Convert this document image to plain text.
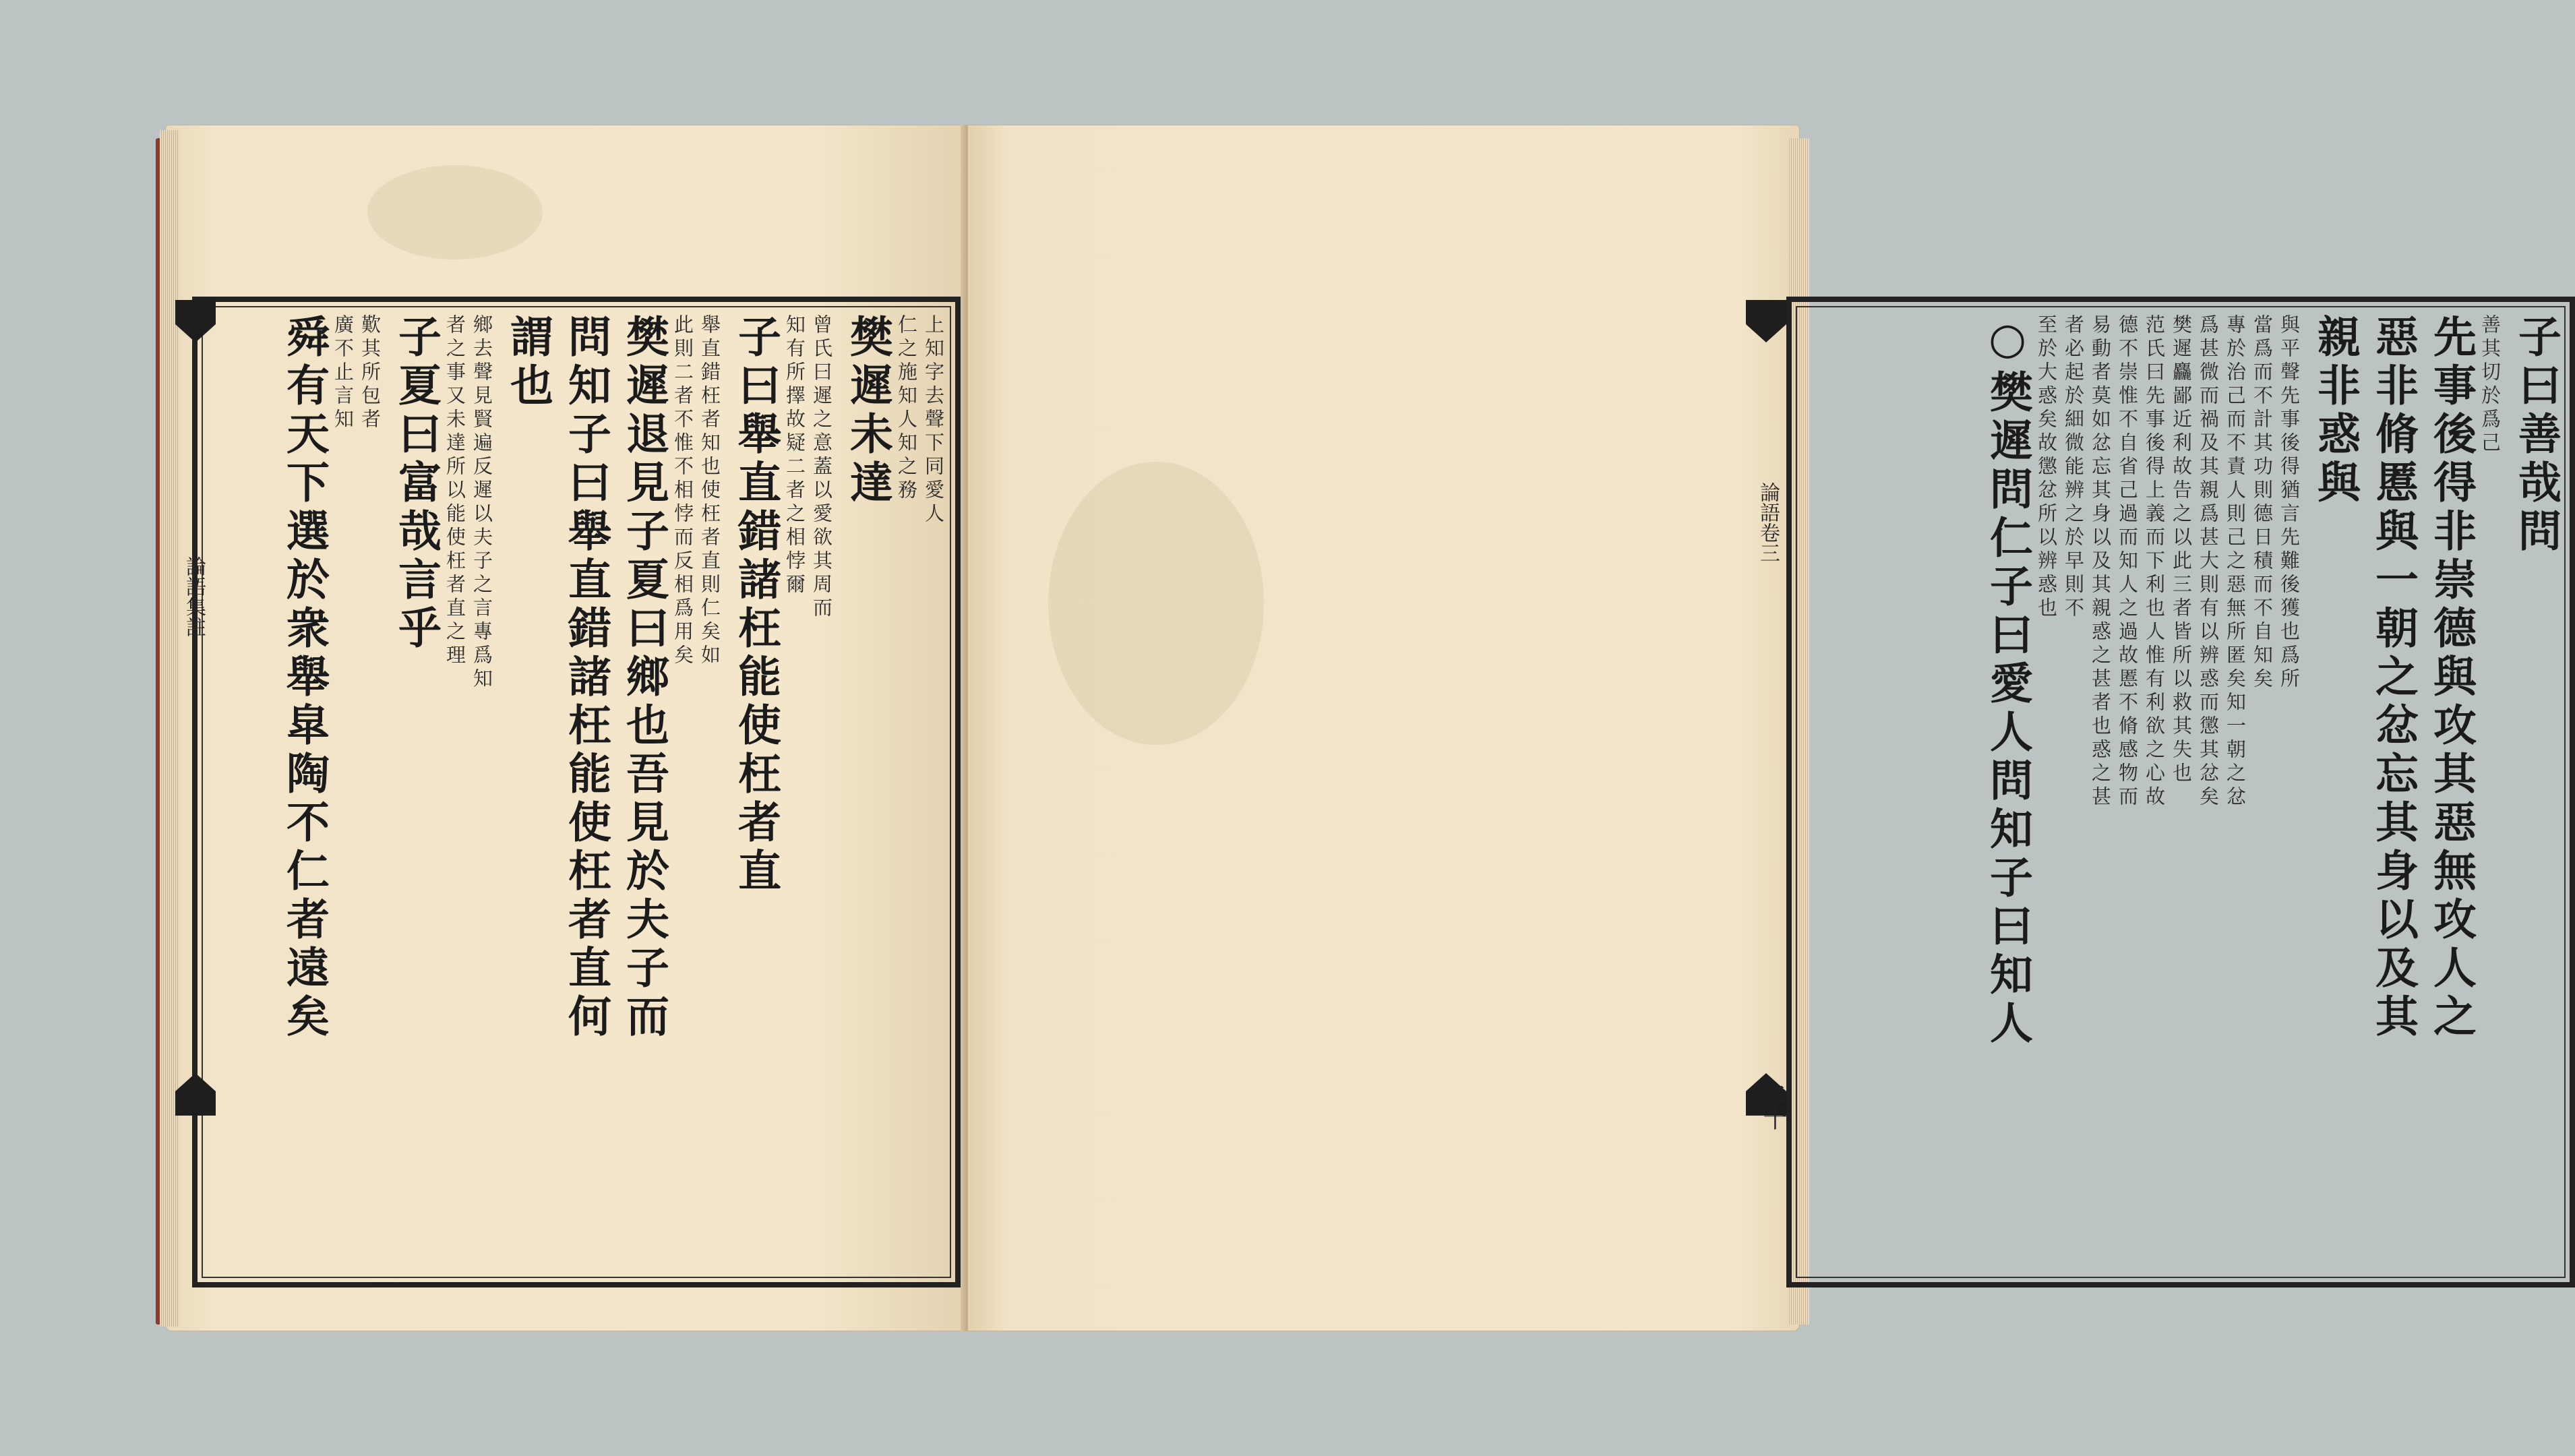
上知字去聲下同愛人
仁之施知人知之務
樊遲未達
曾氏曰遲之意蓋以愛欲其周而
知有所擇故疑二者之相悖爾
子曰舉直錯諸枉能使枉者直
舉直錯枉者知也使枉者直則仁矣如
此則二者不惟不相悖而反相爲用矣
樊遲退見子夏曰鄉也吾見於夫子而
問知子曰舉直錯諸枉能使枉者直何
謂也
鄉去聲見賢遍反遲以夫子之言專爲知
者之事又未達所以能使枉者直之理
子夏曰富哉言乎
歎其所包者
廣不止言知
舜有天下選於衆舉皐陶不仁者遠矣
論語集註
子曰善哉問
善其切於爲己
先事後得非崇德與攻其惡無攻人之
惡非脩慝與一朝之忿忘其身以及其
親非惑與
與平聲先事後得猶言先難後獲也爲所
當爲而不計其功則德日積而不自知矣
專於治己而不責人則己之惡無所匿矣知一朝之忿
爲甚微而禍及其親爲甚大則有以辨惑而懲其忿矣
樊遲麤鄙近利故告之以此三者皆所以救其失也
范氏曰先事後得上義而下利也人惟有利欲之心故
德不崇惟不自省己過而知人之過故慝不脩感物而
易動者莫如忿忘其身以及其親惑之甚者也惑之甚
者必起於細微能辨之於早則不
至於大惑矣故懲忿所以辨惑也
○樊遲問仁子曰愛人問知子曰知人
論語卷三
二十
